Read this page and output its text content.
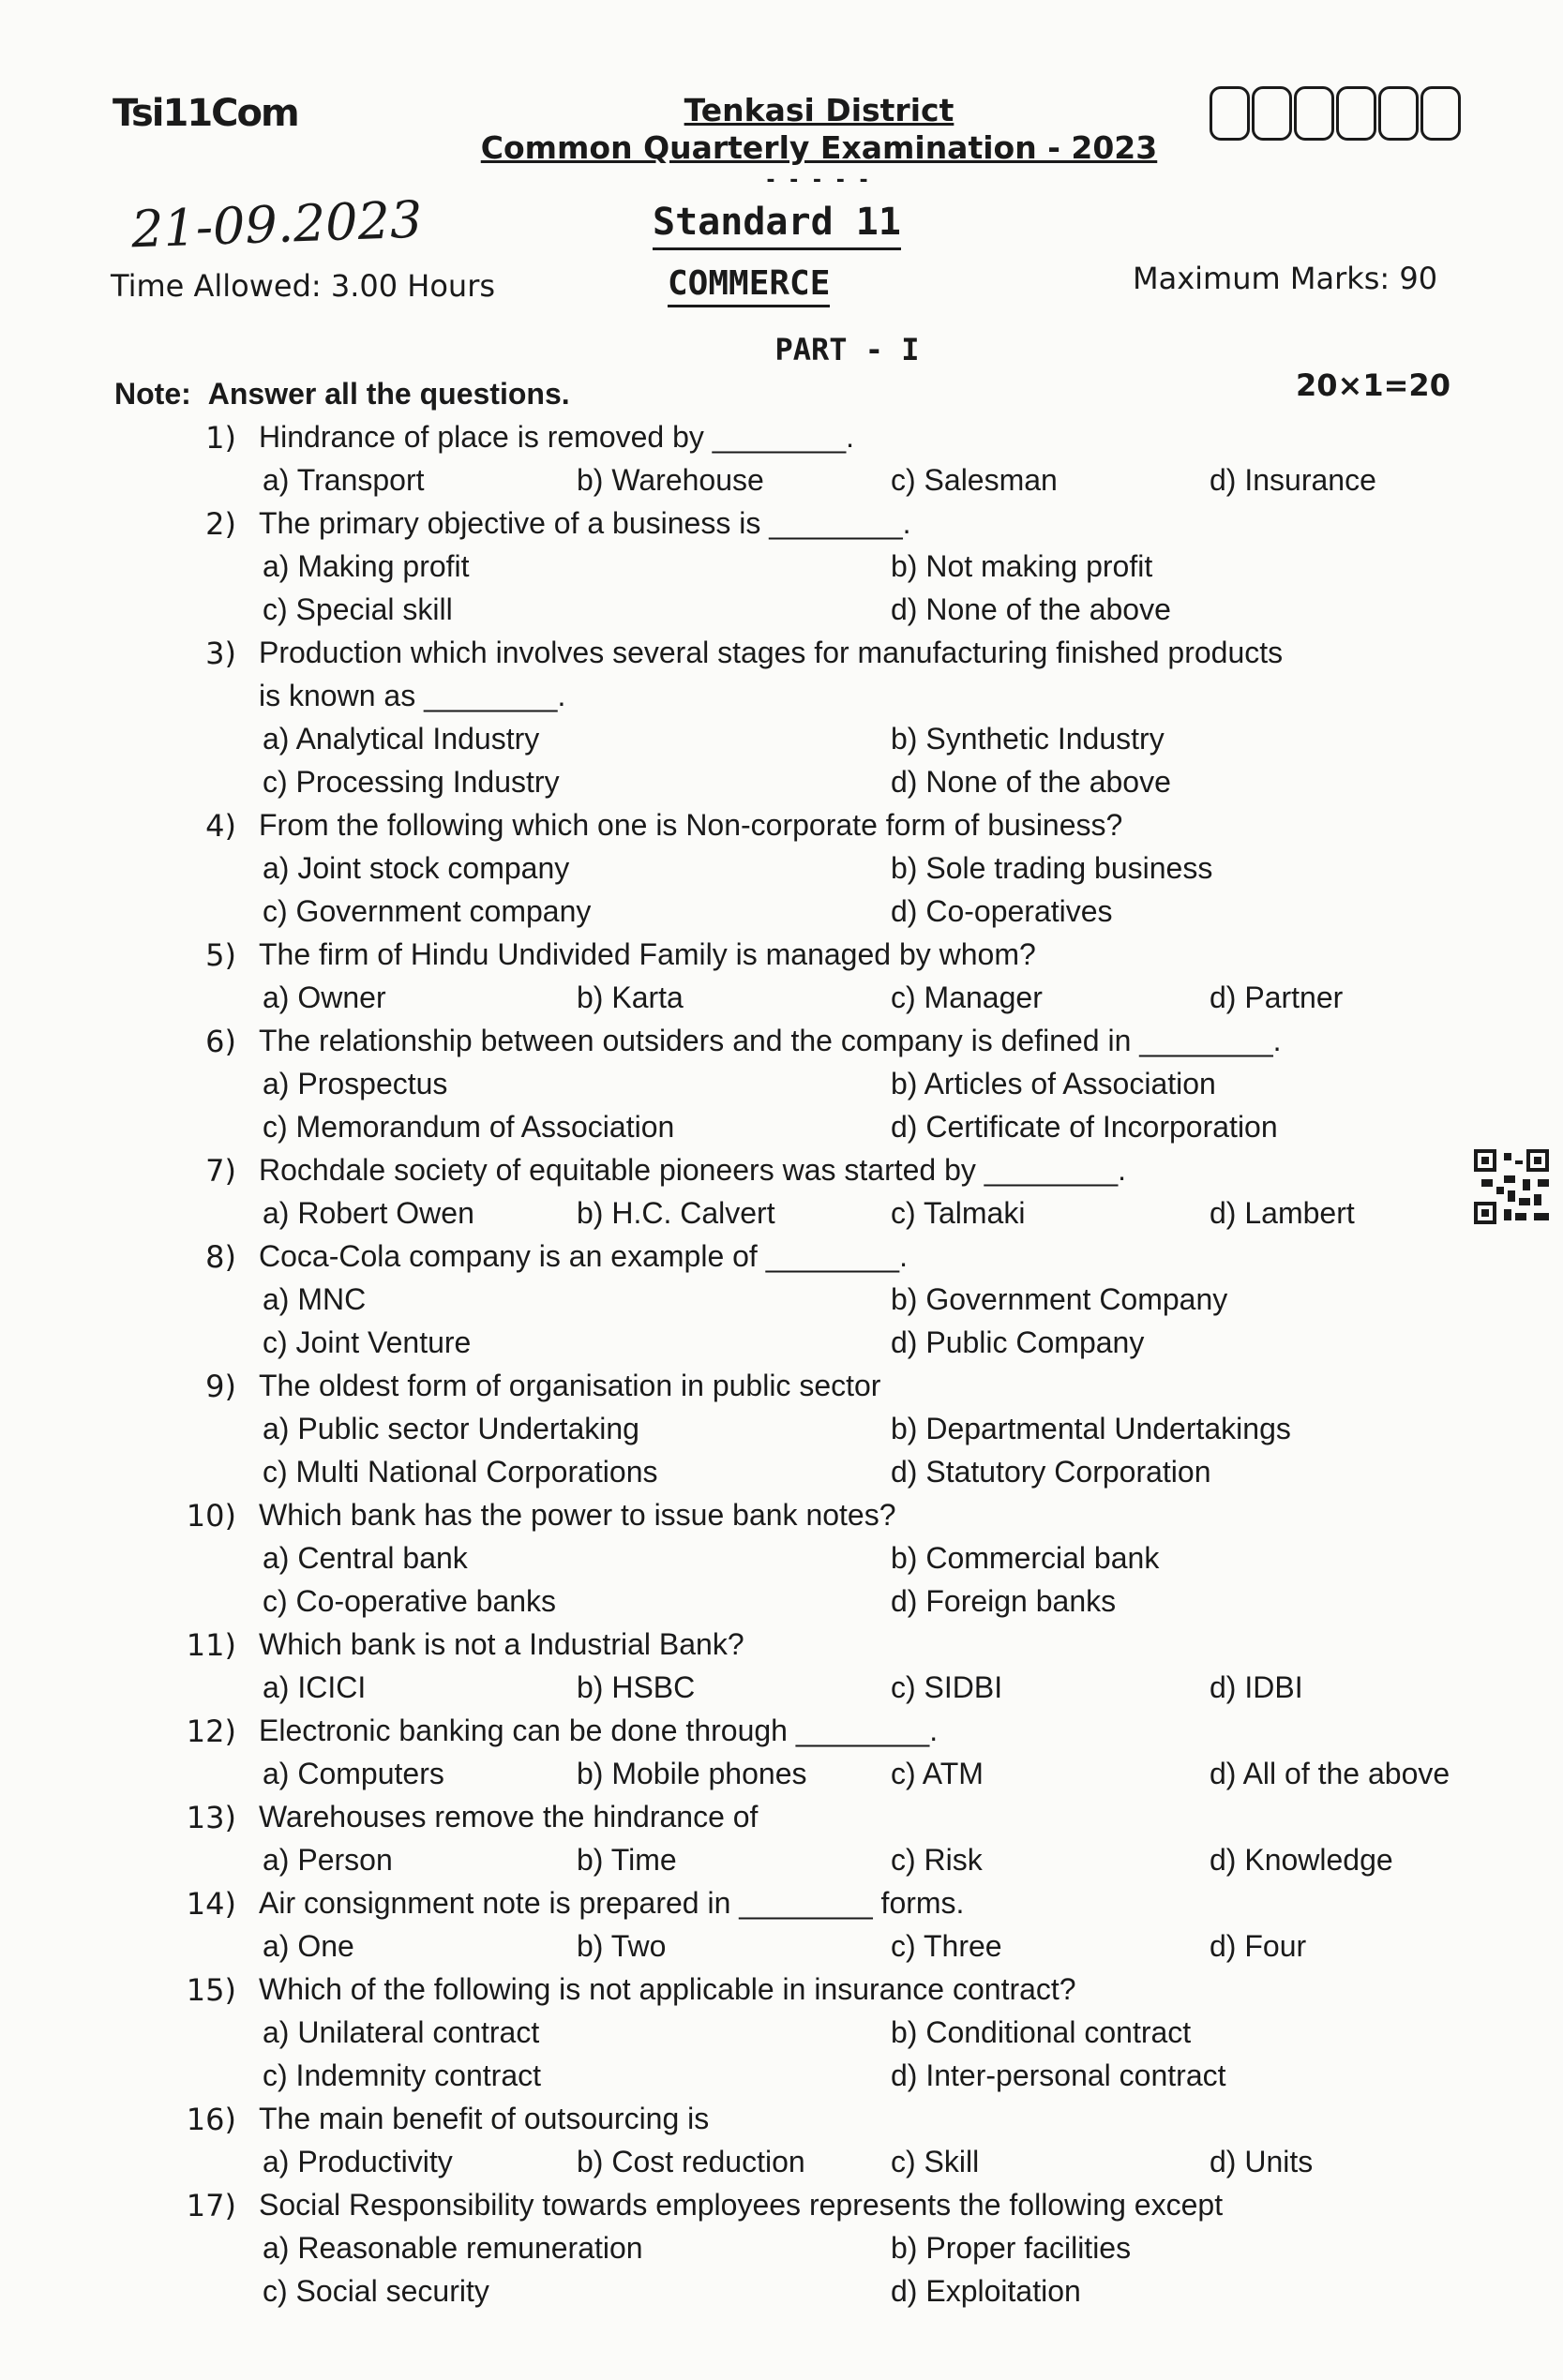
Tsi11Com	Tenkasi District
Common Quarterly Examination - 2023
- - - - -
21-09.2023	Standard 11
Time Allowed: 3.00 Hours	COMMERCE	Maximum Marks: 90
PART - I
Note: Answer all the questions.	20×1=20
1) Hindrance of place is removed by ________.
a) Transport	b) Warehouse	c) Salesman	d) Insurance
2) The primary objective of a business is ________.
a) Making profit	b) Not making profit
c) Special skill	d) None of the above
3) Production which involves several stages for manufacturing finished products
is known as ________.
a) Analytical Industry	b) Synthetic Industry
c) Processing Industry	d) None of the above
4) From the following which one is Non-corporate form of business?
a) Joint stock company	b) Sole trading business
c) Government company	d) Co-operatives
5) The firm of Hindu Undivided Family is managed by whom?
a) Owner	b) Karta	c) Manager	d) Partner
6) The relationship between outsiders and the company is defined in ________.
a) Prospectus	b) Articles of Association
c) Memorandum of Association	d) Certificate of Incorporation
7) Rochdale society of equitable pioneers was started by ________.
a) Robert Owen	b) H.C. Calvert	c) Talmaki	d) Lambert
8) Coca-Cola company is an example of ________.
a) MNC	b) Government Company
c) Joint Venture	d) Public Company
9) The oldest form of organisation in public sector
a) Public sector Undertaking	b) Departmental Undertakings
c) Multi National Corporations	d) Statutory Corporation
10) Which bank has the power to issue bank notes?
a) Central bank	b) Commercial bank
c) Co-operative banks	d) Foreign banks
11) Which bank is not a Industrial Bank?
a) ICICI	b) HSBC	c) SIDBI	d) IDBI
12) Electronic banking can be done through ________.
a) Computers	b) Mobile phones	c) ATM	d) All of the above
13) Warehouses remove the hindrance of
a) Person	b) Time	c) Risk	d) Knowledge
14) Air consignment note is prepared in ________ forms.
a) One	b) Two	c) Three	d) Four
15) Which of the following is not applicable in insurance contract?
a) Unilateral contract	b) Conditional contract
c) Indemnity contract	d) Inter-personal contract
16) The main benefit of outsourcing is
a) Productivity	b) Cost reduction	c) Skill	d) Units
17) Social Responsibility towards employees represents the following except
a) Reasonable remuneration	b) Proper facilities
c) Social security	d) Exploitation
